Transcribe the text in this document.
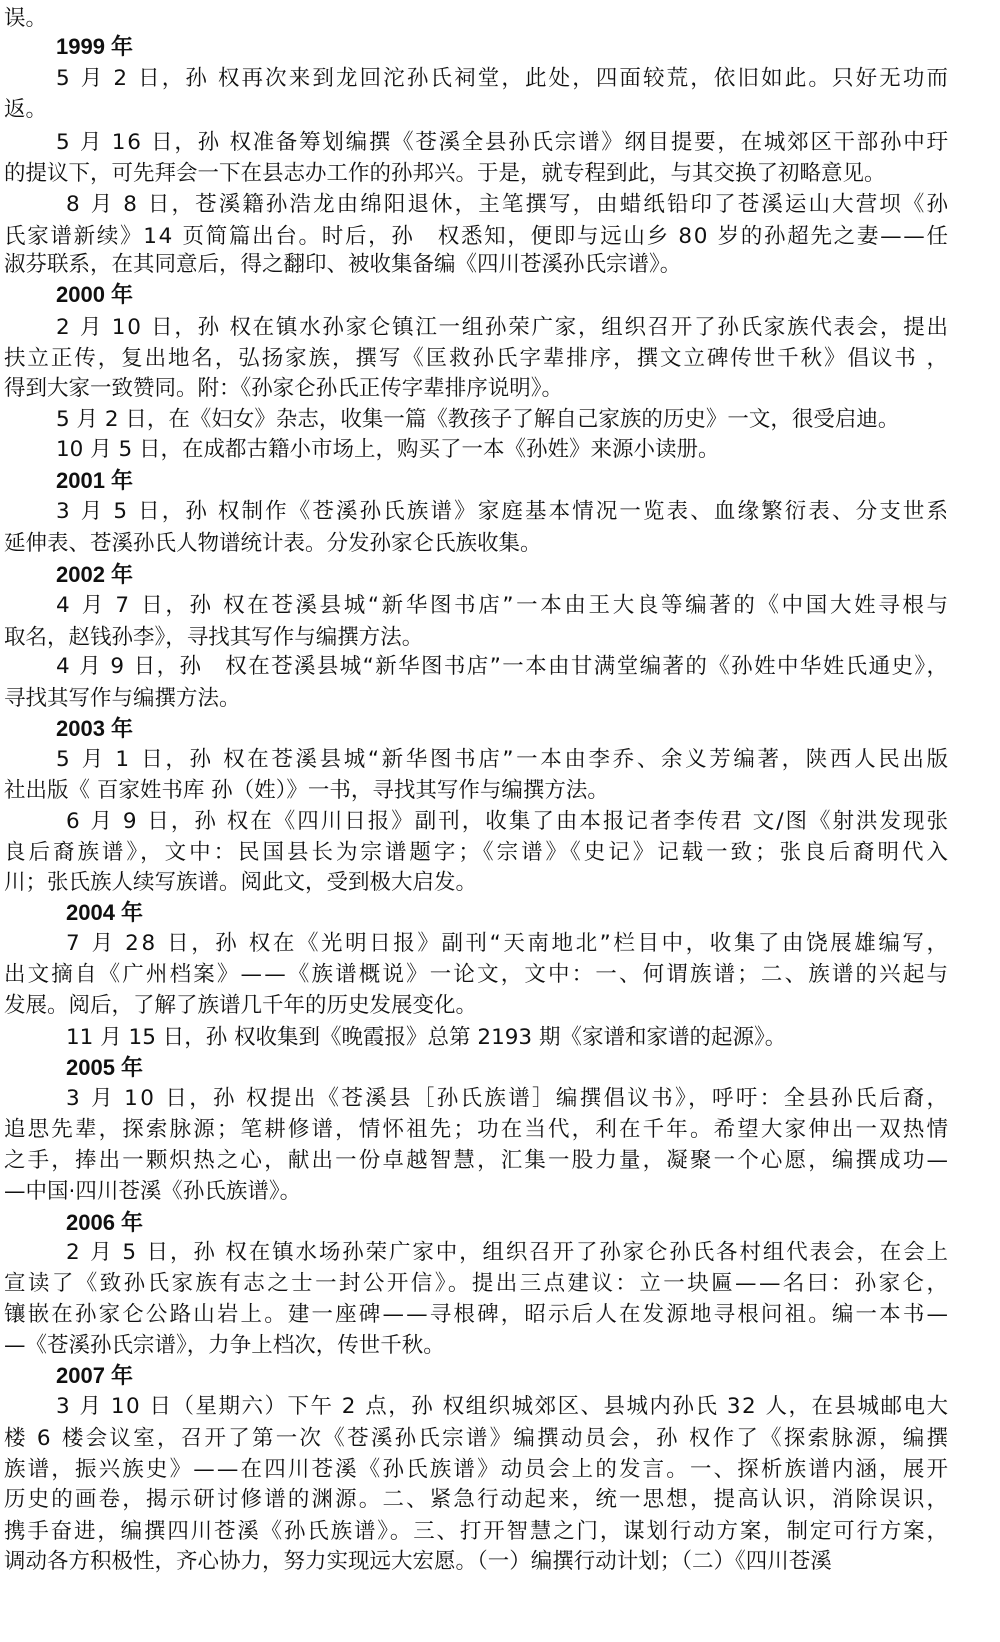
误。
1999 年
5 月 2 日，孙 权再次来到龙回沱孙氏祠堂，此处，四面较荒，依旧如此。只好无功而
返。
5 月 16 日，孙 权准备筹划编撰《苍溪全县孙氏宗谱》纲目提要，在城郊区干部孙中玗
的提议下，可先拜会一下在县志办工作的孙邦兴。于是，就专程到此，与其交换了初略意见。
8 月 8 日，苍溪籍孙浩龙由绵阳退休，主笔撰写，由蜡纸铅印了苍溪运山大营坝《孙
氏家谱新续》14 页简篇出台。时后，孙　权悉知，便即与远山乡 80 岁的孙超先之妻——任
淑芬联系，在其同意后，得之翻印、被收集备编《四川苍溪孙氏宗谱》。
2000 年
2 月 10 日，孙 权在镇水孙家仑镇江一组孙荣广家，组织召开了孙氏家族代表会，提出
扶立正传，复出地名，弘扬家族，撰写《匡救孙氏字辈排序，撰文立碑传世千秋》倡议书 ，
得到大家一致赞同。附：《孙家仑孙氏正传字辈排序说明》。
5 月 2 日，在《妇女》杂志，收集一篇《教孩子了解自己家族的历史》一文，很受启迪。
10 月 5 日，在成都古籍小市场上，购买了一本《孙姓》来源小读册。
2001 年
3 月 5 日，孙 权制作《苍溪孙氏族谱》家庭基本情况一览表、血缘繁衍表、分支世系
延伸表、苍溪孙氏人物谱统计表。分发孙家仑氏族收集。
2002 年
4 月 7 日，孙 权在苍溪县城“新华图书店”一本由王大良等编著的《中国大姓寻根与
取名，赵钱孙李》，寻找其写作与编撰方法。
4 月 9 日，孙　权在苍溪县城“新华图书店”一本由甘满堂编著的《孙姓中华姓氏通史》，
寻找其写作与编撰方法。
2003 年
5 月 1 日，孙 权在苍溪县城“新华图书店”一本由李乔、余义芳编著，陕西人民出版
社出版《 百家姓书库 孙（姓）》一书，寻找其写作与编撰方法。
6 月 9 日，孙 权在《四川日报》副刊，收集了由本报记者李传君 文/图《射洪发现张
良后裔族谱》，文中：民国县长为宗谱题字；《宗谱》《史记》记载一致；张良后裔明代入
川；张氏族人续写族谱。阅此文，受到极大启发。
2004 年
7 月 28 日，孙 权在《光明日报》副刊“天南地北”栏目中，收集了由饶展雄编写，
出文摘自《广州档案》——《族谱概说》一论文，文中：一、何谓族谱；二、族谱的兴起与
发展。阅后，了解了族谱几千年的历史发展变化。
11 月 15 日，孙 权收集到《晚霞报》总第 2193 期《家谱和家谱的起源》。
2005 年
3 月 10 日，孙 权提出《苍溪县［孙氏族谱］编撰倡议书》，呼吁：全县孙氏后裔，
追思先辈，探索脉源；笔耕修谱，情怀祖先；功在当代，利在千年。希望大家伸出一双热情
之手，捧出一颗炽热之心，献出一份卓越智慧，汇集一股力量，凝聚一个心愿，编撰成功—
—中国·四川苍溪《孙氏族谱》。
2006 年
2 月 5 日，孙 权在镇水场孙荣广家中，组织召开了孙家仑孙氏各村组代表会，在会上
宣读了《致孙氏家族有志之士一封公开信》。提出三点建议：立一块匾——名曰：孙家仑，
镶嵌在孙家仑公路山岩上。建一座碑——寻根碑，昭示后人在发源地寻根问祖。编一本书—
—《苍溪孙氏宗谱》，力争上档次，传世千秋。
2007 年
3 月 10 日（星期六）下午 2 点，孙 权组织城郊区、县城内孙氏 32 人，在县城邮电大
楼 6 楼会议室，召开了第一次《苍溪孙氏宗谱》编撰动员会，孙 权作了《探索脉源，编撰
族谱，振兴族史》——在四川苍溪《孙氏族谱》动员会上的发言。一、探析族谱内涵，展开
历史的画卷，揭示研讨修谱的渊源。二、紧急行动起来，统一思想，提高认识，消除误识，
携手奋进，编撰四川苍溪《孙氏族谱》。三、打开智慧之门，谋划行动方案，制定可行方案，
调动各方积极性，齐心协力，努力实现远大宏愿。（一）编撰行动计划；（二）《四川苍溪
